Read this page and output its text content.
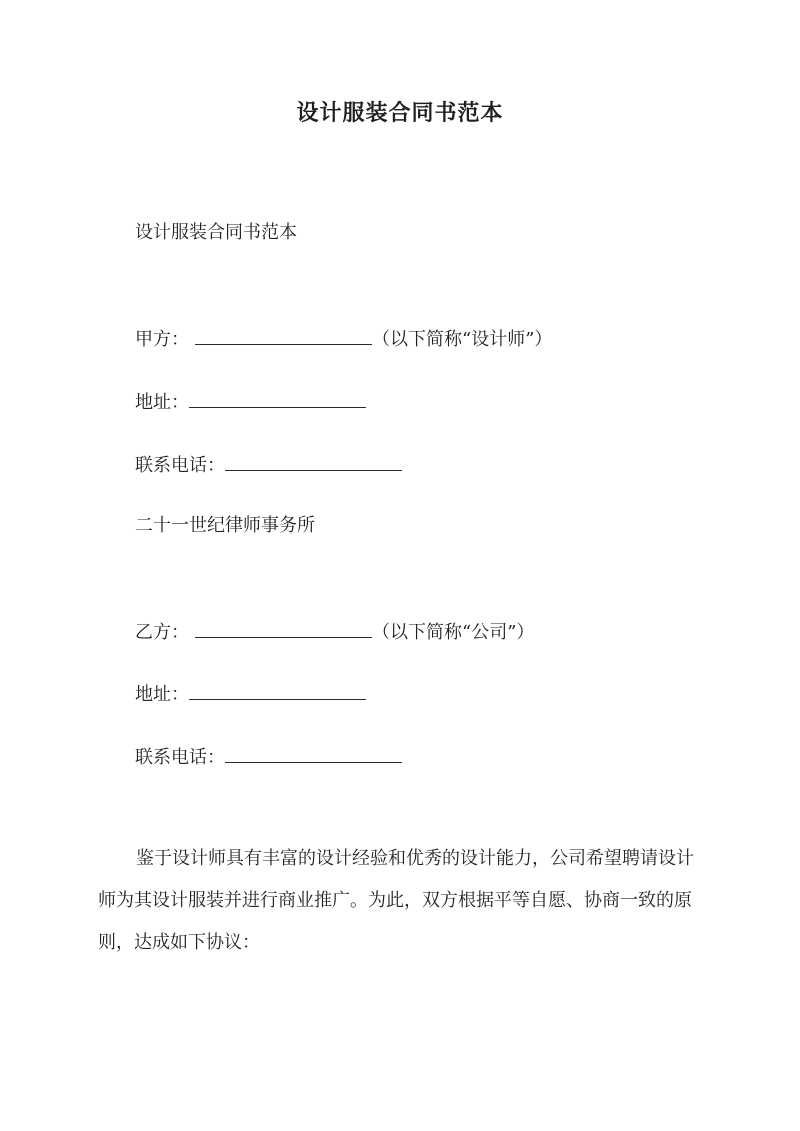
设计服装合同书范本
设计服装合同书范本
甲方：	（以下简称“设计师”）
地址：
联系电话：
二十一世纪律师事务所
乙方：	（以下简称“公司”）
地址：
联系电话：
鉴于设计师具有丰富的设计经验和优秀的设计能力，公司希望聘请设计师为其设计服装并进行商业推广。为此，双方根据平等自愿、协商一致的原则，达成如下协议：
